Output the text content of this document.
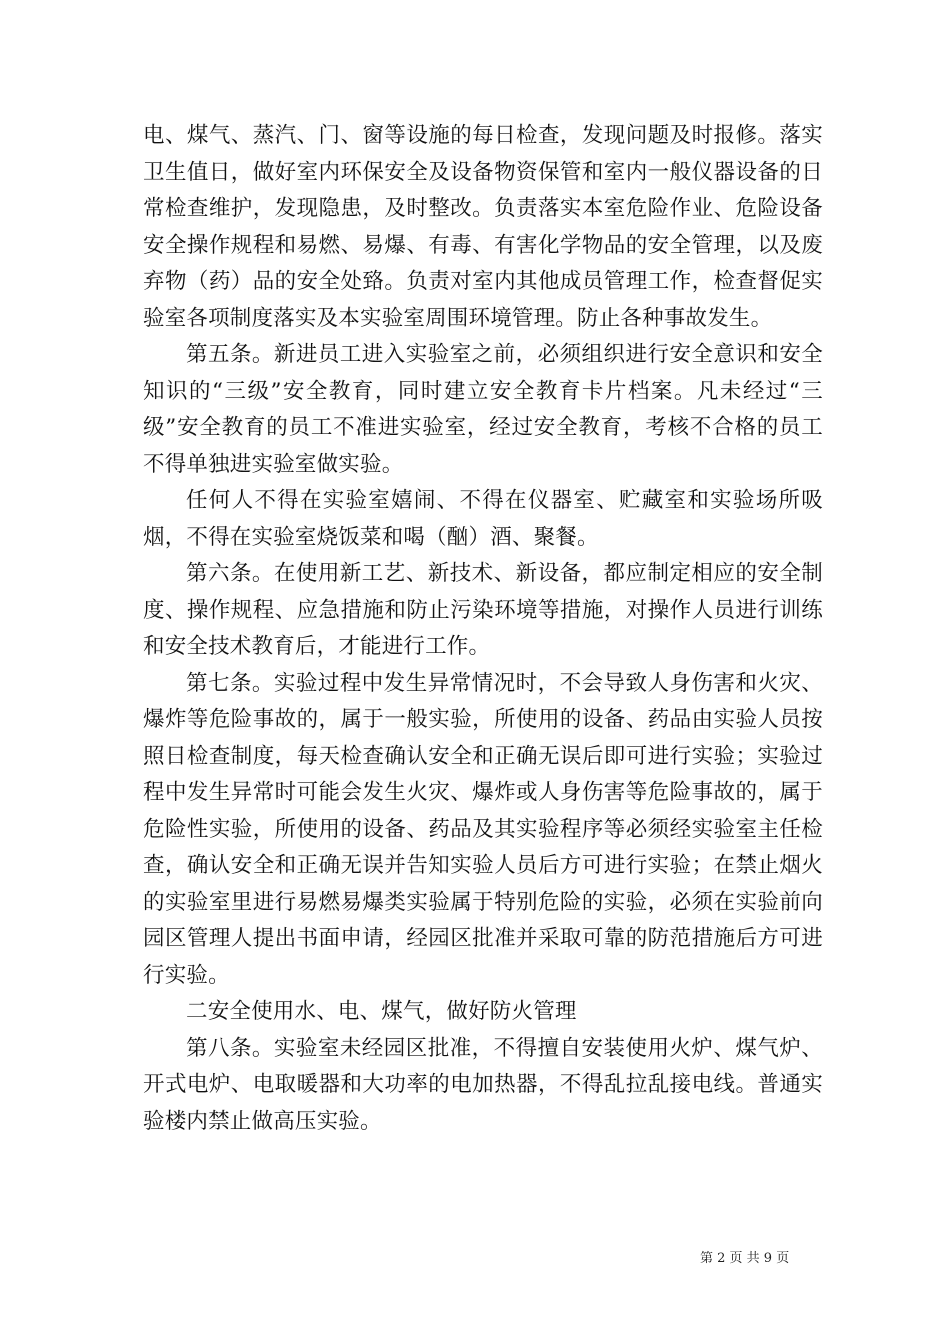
电、煤气、蒸汽、门、窗等设施的每日检查，发现问题及时报修。落实卫生值日，做好室内环保安全及设备物资保管和室内一般仪器设备的日常检查维护，发现隐患，及时整改。负责落实本室危险作业、危险设备安全操作规程和易燃、易爆、有毒、有害化学物品的安全管理，以及废弃物（药）品的安全处臵。负责对室内其他成员管理工作，检查督促实验室各项制度落实及本实验室周围环境管理。防止各种事故发生。

第五条。新进员工进入实验室之前，必须组织进行安全意识和安全知识的“三级”安全教育，同时建立安全教育卡片档案。凡未经过“三级”安全教育的员工不准进实验室，经过安全教育，考核不合格的员工不得单独进实验室做实验。

任何人不得在实验室嬉闹、不得在仪器室、贮藏室和实验场所吸烟，不得在实验室烧饭菜和喝（酗）酒、聚餐。

第六条。在使用新工艺、新技术、新设备，都应制定相应的安全制度、操作规程、应急措施和防止污染环境等措施，对操作人员进行训练和安全技术教育后，才能进行工作。

第七条。实验过程中发生异常情况时，不会导致人身伤害和火灾、爆炸等危险事故的，属于一般实验，所使用的设备、药品由实验人员按照日检查制度，每天检查确认安全和正确无误后即可进行实验；实验过程中发生异常时可能会发生火灾、爆炸或人身伤害等危险事故的，属于危险性实验，所使用的设备、药品及其实验程序等必须经实验室主任检查，确认安全和正确无误并告知实验人员后方可进行实验；在禁止烟火的实验室里进行易燃易爆类实验属于特别危险的实验，必须在实验前向园区管理人提出书面申请，经园区批准并采取可靠的防范措施后方可进行实验。

二安全使用水、电、煤气，做好防火管理

第八条。实验室未经园区批准，不得擅自安装使用火炉、煤气炉、开式电炉、电取暖器和大功率的电加热器，不得乱拉乱接电线。普通实验楼内禁止做高压实验。

第 2 页 共 9 页
